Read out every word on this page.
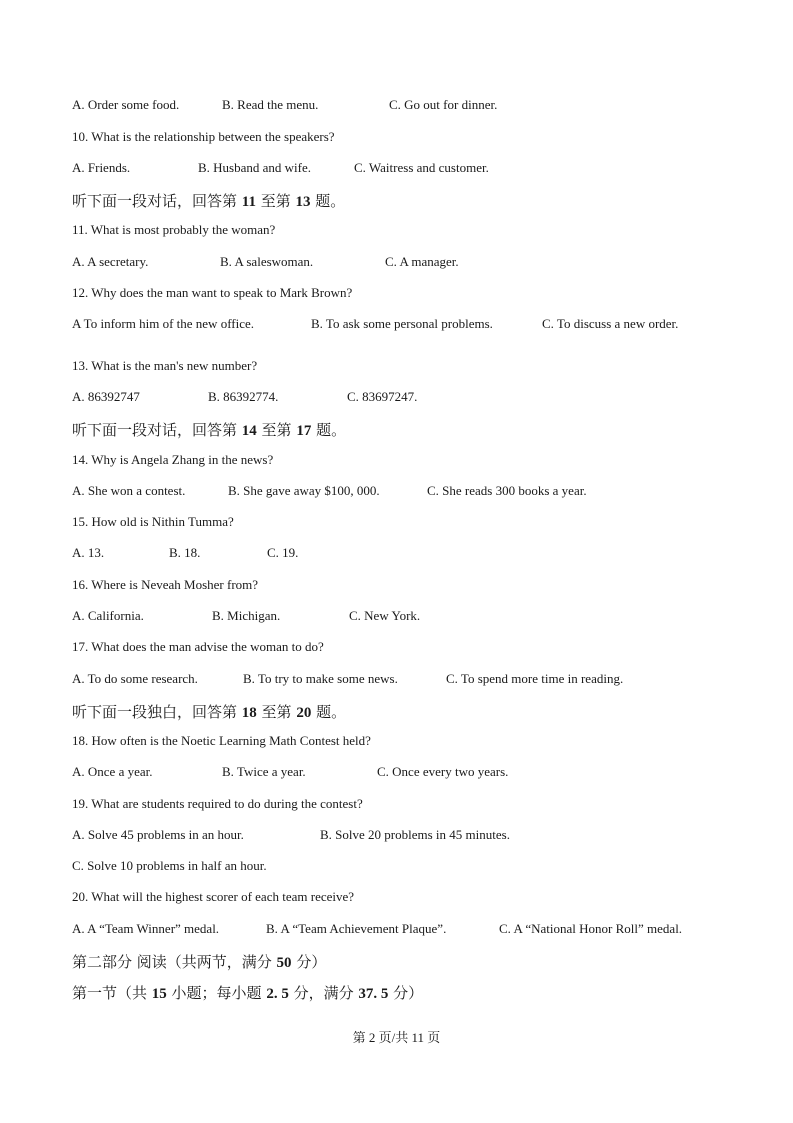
A. Order some food.	B. Read the menu.	C. Go out for dinner.
10. What is the relationship between the speakers?
A. Friends.	B. Husband and wife.	C. Waitress and customer.
听下面一段对话，回答第 11 至第 13 题。
11. What is most probably the woman?
A. A secretary.	B. A saleswoman.	C. A manager.
12. Why does the man want to speak to Mark Brown?
A To inform him of the new office.	B. To ask some personal problems.	C. To discuss a new order.
13. What is the man's new number?
A. 86392747	B. 86392774.	C. 83697247.
听下面一段对话，回答第 14 至第 17 题。
14. Why is Angela Zhang in the news?
A. She won a contest.	B. She gave away $100, 000.	C. She reads 300 books a year.
15. How old is Nithin Tumma?
A. 13.	B. 18.	C. 19.
16. Where is Neveah Mosher from?
A. California.	B. Michigan.	C. New York.
17. What does the man advise the woman to do?
A. To do some research.	B. To try to make some news.	C. To spend more time in reading.
听下面一段独白，回答第 18 至第 20 题。
18. How often is the Noetic Learning Math Contest held?
A. Once a year.	B. Twice a year.	C. Once every two years.
19. What are students required to do during the contest?
A. Solve 45 problems in an hour.	B. Solve 20 problems in 45 minutes.
C. Solve 10 problems in half an hour.
20. What will the highest scorer of each team receive?
A. A “Team Winner” medal.	B. A “Team Achievement Plaque”.	C. A “National Honor Roll” medal.
第二部分 阅读（共两节，满分 50 分）
第一节（共 15 小题；每小题 2. 5 分，满分 37. 5 分）
第 2 页/共 11 页
